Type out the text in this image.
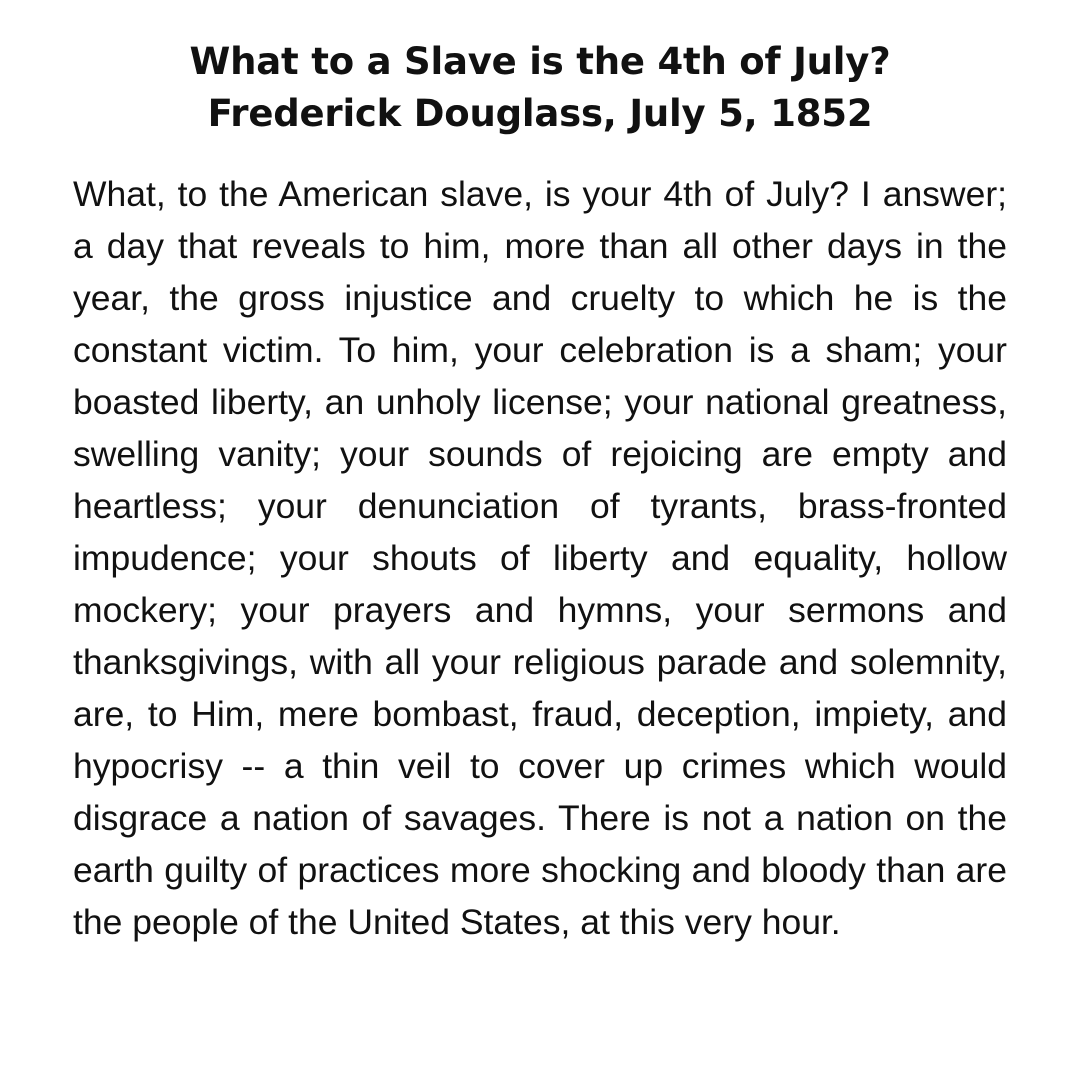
What to a Slave is the 4th of July?
Frederick Douglass, July 5, 1852

What, to the American slave, is your 4th of July? I answer; a day that reveals to him, more than all other days in the year, the gross injustice and cruelty to which he is the constant victim. To him, your celebration is a sham; your boasted liberty, an unholy license; your national greatness, swelling vanity; your sounds of rejoicing are empty and heartless; your denunciation of tyrants, brass-fronted impudence; your shouts of liberty and equality, hollow mockery; your prayers and hymns, your sermons and thanksgivings, with all your religious parade and solemnity, are, to Him, mere bombast, fraud, deception, impiety, and hypocrisy -- a thin veil to cover up crimes which would disgrace a nation of savages. There is not a nation on the earth guilty of practices more shocking and bloody than are the people of the United States, at this very hour.
